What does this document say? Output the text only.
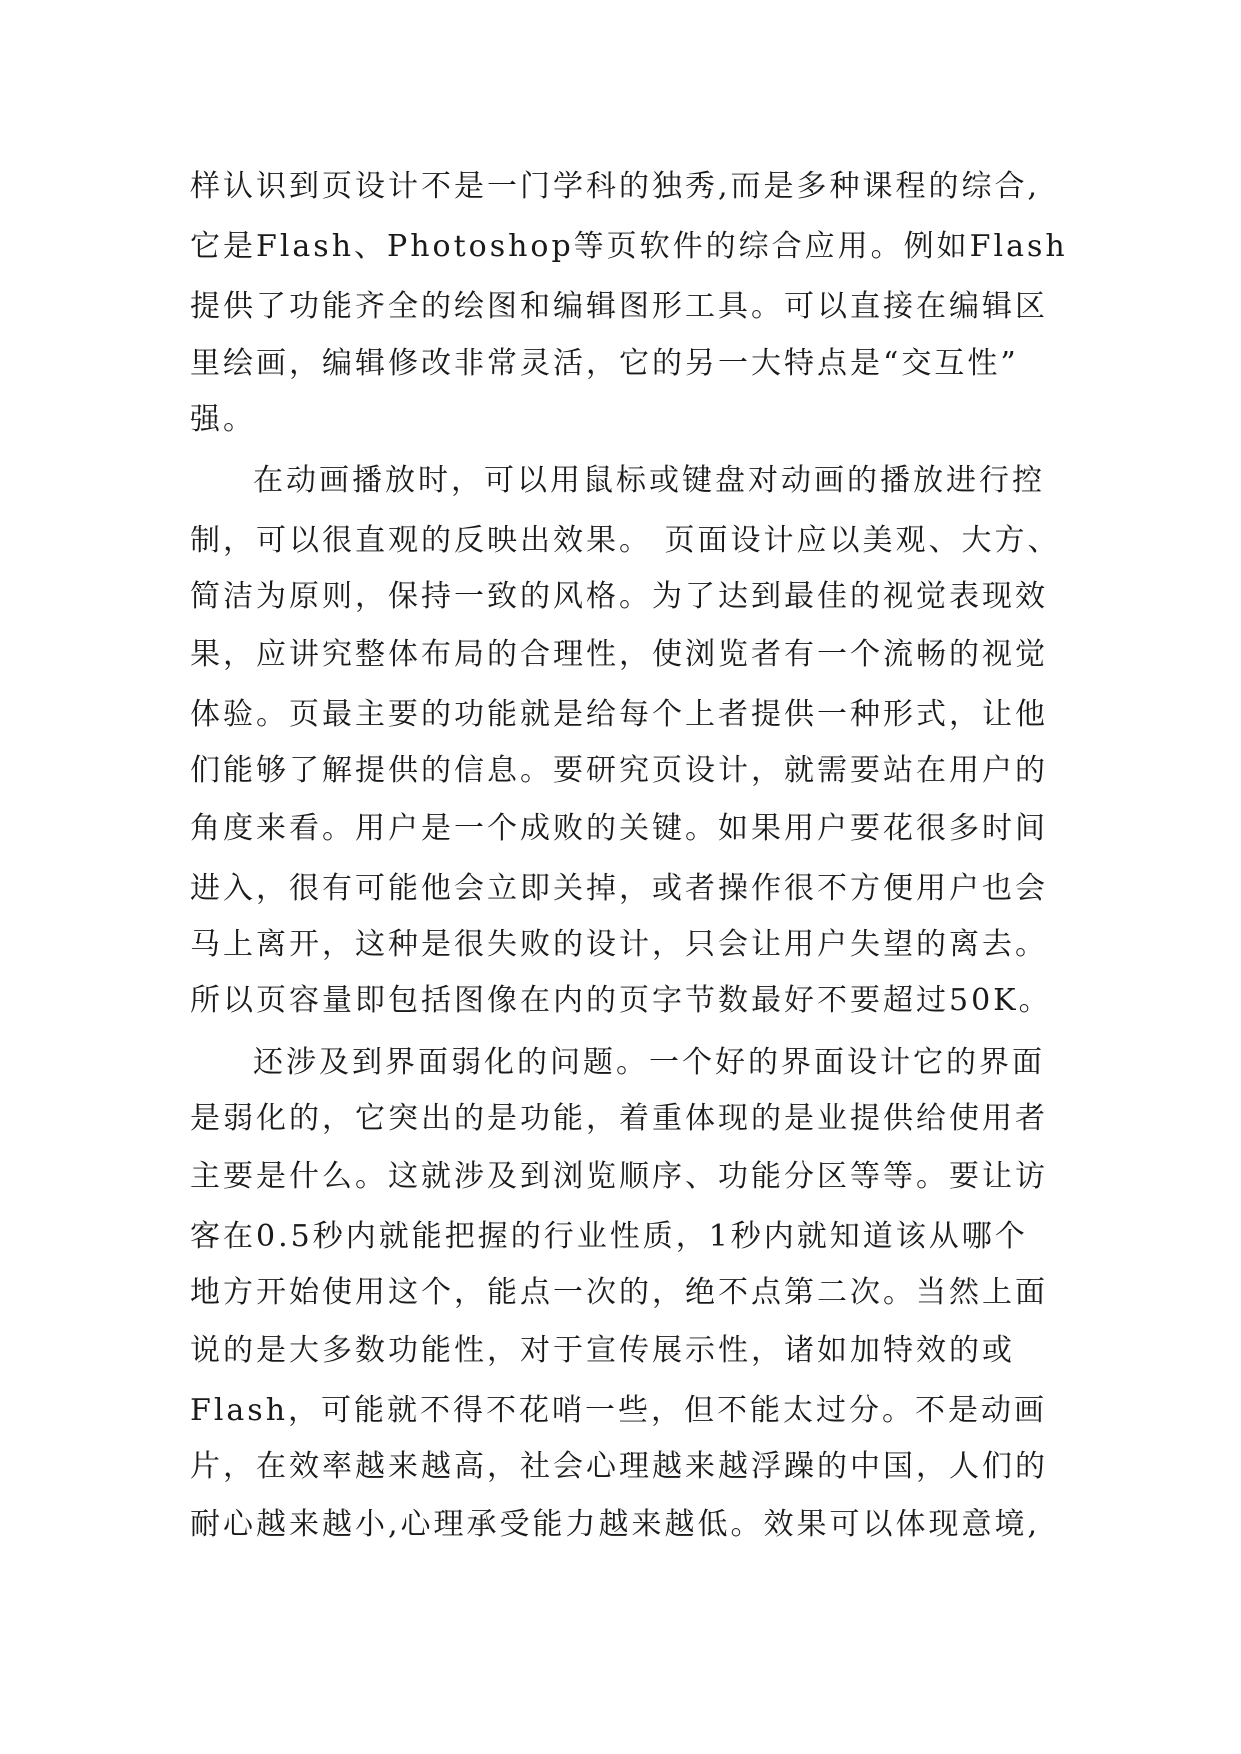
样认识到页设计不是一门学科的独秀,而是多种课程的综合,
它是Flash、Photoshop等页软件的综合应用。例如Flash
提供了功能齐全的绘图和编辑图形工具。可以直接在编辑区
里绘画，编辑修改非常灵活，它的另一大特点是“交互性”
强。
在动画播放时，可以用鼠标或键盘对动画的播放进行控
制，可以很直观的反映出效果。 页面设计应以美观、大方、
简洁为原则，保持一致的风格。为了达到最佳的视觉表现效
果，应讲究整体布局的合理性，使浏览者有一个流畅的视觉
体验。页最主要的功能就是给每个上者提供一种形式，让他
们能够了解提供的信息。要研究页设计，就需要站在用户的
角度来看。用户是一个成败的关键。如果用户要花很多时间
进入，很有可能他会立即关掉，或者操作很不方便用户也会
马上离开，这种是很失败的设计，只会让用户失望的离去。
所以页容量即包括图像在内的页字节数最好不要超过50K。
还涉及到界面弱化的问题。一个好的界面设计它的界面
是弱化的，它突出的是功能，着重体现的是业提供给使用者
主要是什么。这就涉及到浏览顺序、功能分区等等。要让访
客在0.5秒内就能把握的行业性质，1秒内就知道该从哪个
地方开始使用这个，能点一次的，绝不点第二次。当然上面
说的是大多数功能性，对于宣传展示性，诸如加特效的或
Flash，可能就不得不花哨一些，但不能太过分。不是动画
片，在效率越来越高，社会心理越来越浮躁的中国，人们的
耐心越来越小,心理承受能力越来越低。效果可以体现意境,
